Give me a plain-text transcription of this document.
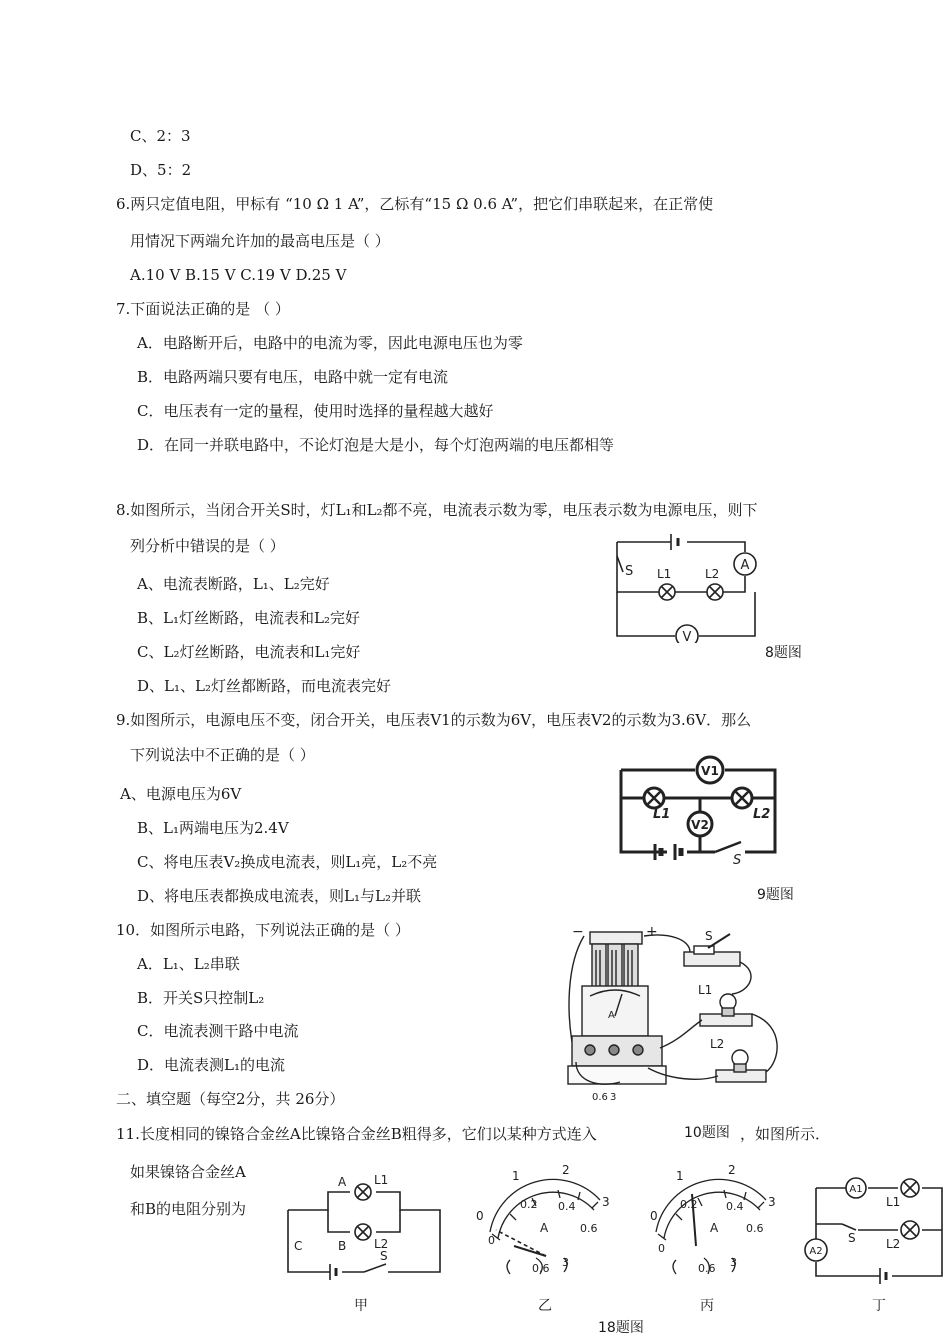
C、2：3
D、5：2
6.两只定值电阻，甲标有 “10 Ω 1 A”，乙标有“15 Ω 0.6 A”，把它们串联起来，在正常使
用情况下两端允许加的最高电压是（ ）
A.10 V B.15 V C.19 V D.25 V
7.下面说法正确的是 （ ）
A．电路断开后，电路中的电流为零，因此电源电压也为零
B．电路两端只要有电压，电路中就一定有电流
C．电压表有一定的量程，使用时选择的量程越大越好
D．在同一并联电路中，不论灯泡是大是小，每个灯泡两端的电压都相等
8.如图所示，当闭合开关S时，灯L₁和L₂都不亮，电流表示数为零，电压表示数为电源电压，则下
列分析中错误的是（ ）
A、电流表断路，L₁、L₂完好
B、L₁灯丝断路，电流表和L₂完好
C、L₂灯丝断路，电流表和L₁完好
D、L₁、L₂灯丝都断路，而电流表完好
9.如图所示，电源电压不变，闭合开关，电压表V1的示数为6V，电压表V2的示数为3.6V．那么
下列说法中不正确的是（ ）
A、电源电压为6V
B、L₁两端电压为2.4V
C、将电压表V₂换成电流表，则L₁亮，L₂不亮
D、将电压表都换成电流表，则L₁与L₂并联
10．如图所示电路，下列说法正确的是（ ）
A．L₁、L₂串联
B．开关S只控制L₂
C．电流表测干路中电流
D．电流表测L₁的电流
二、填空题（每空2分，共 26分）
11.长度相同的镍铬合金丝A比镍铬合金丝B粗得多，它们以某种方式连入	，如图所示．
如果镍铬合金丝A
和B的电阻分别为
8题图
9题图
10题图
18题图
甲	乙	丙	丁
A
V
S L1	L2
V1
V2
L1	L2
S
−	+	S
L1
A
0.6 3
L2
A
B
C
L1
L2
S
0
1	2
3
0
0.2 0.4
0.6
A
0.6 3
0
1	2
3
0
0.2	0.4
0.6
A
0.6 3
A1
A2
L1
L2
S
